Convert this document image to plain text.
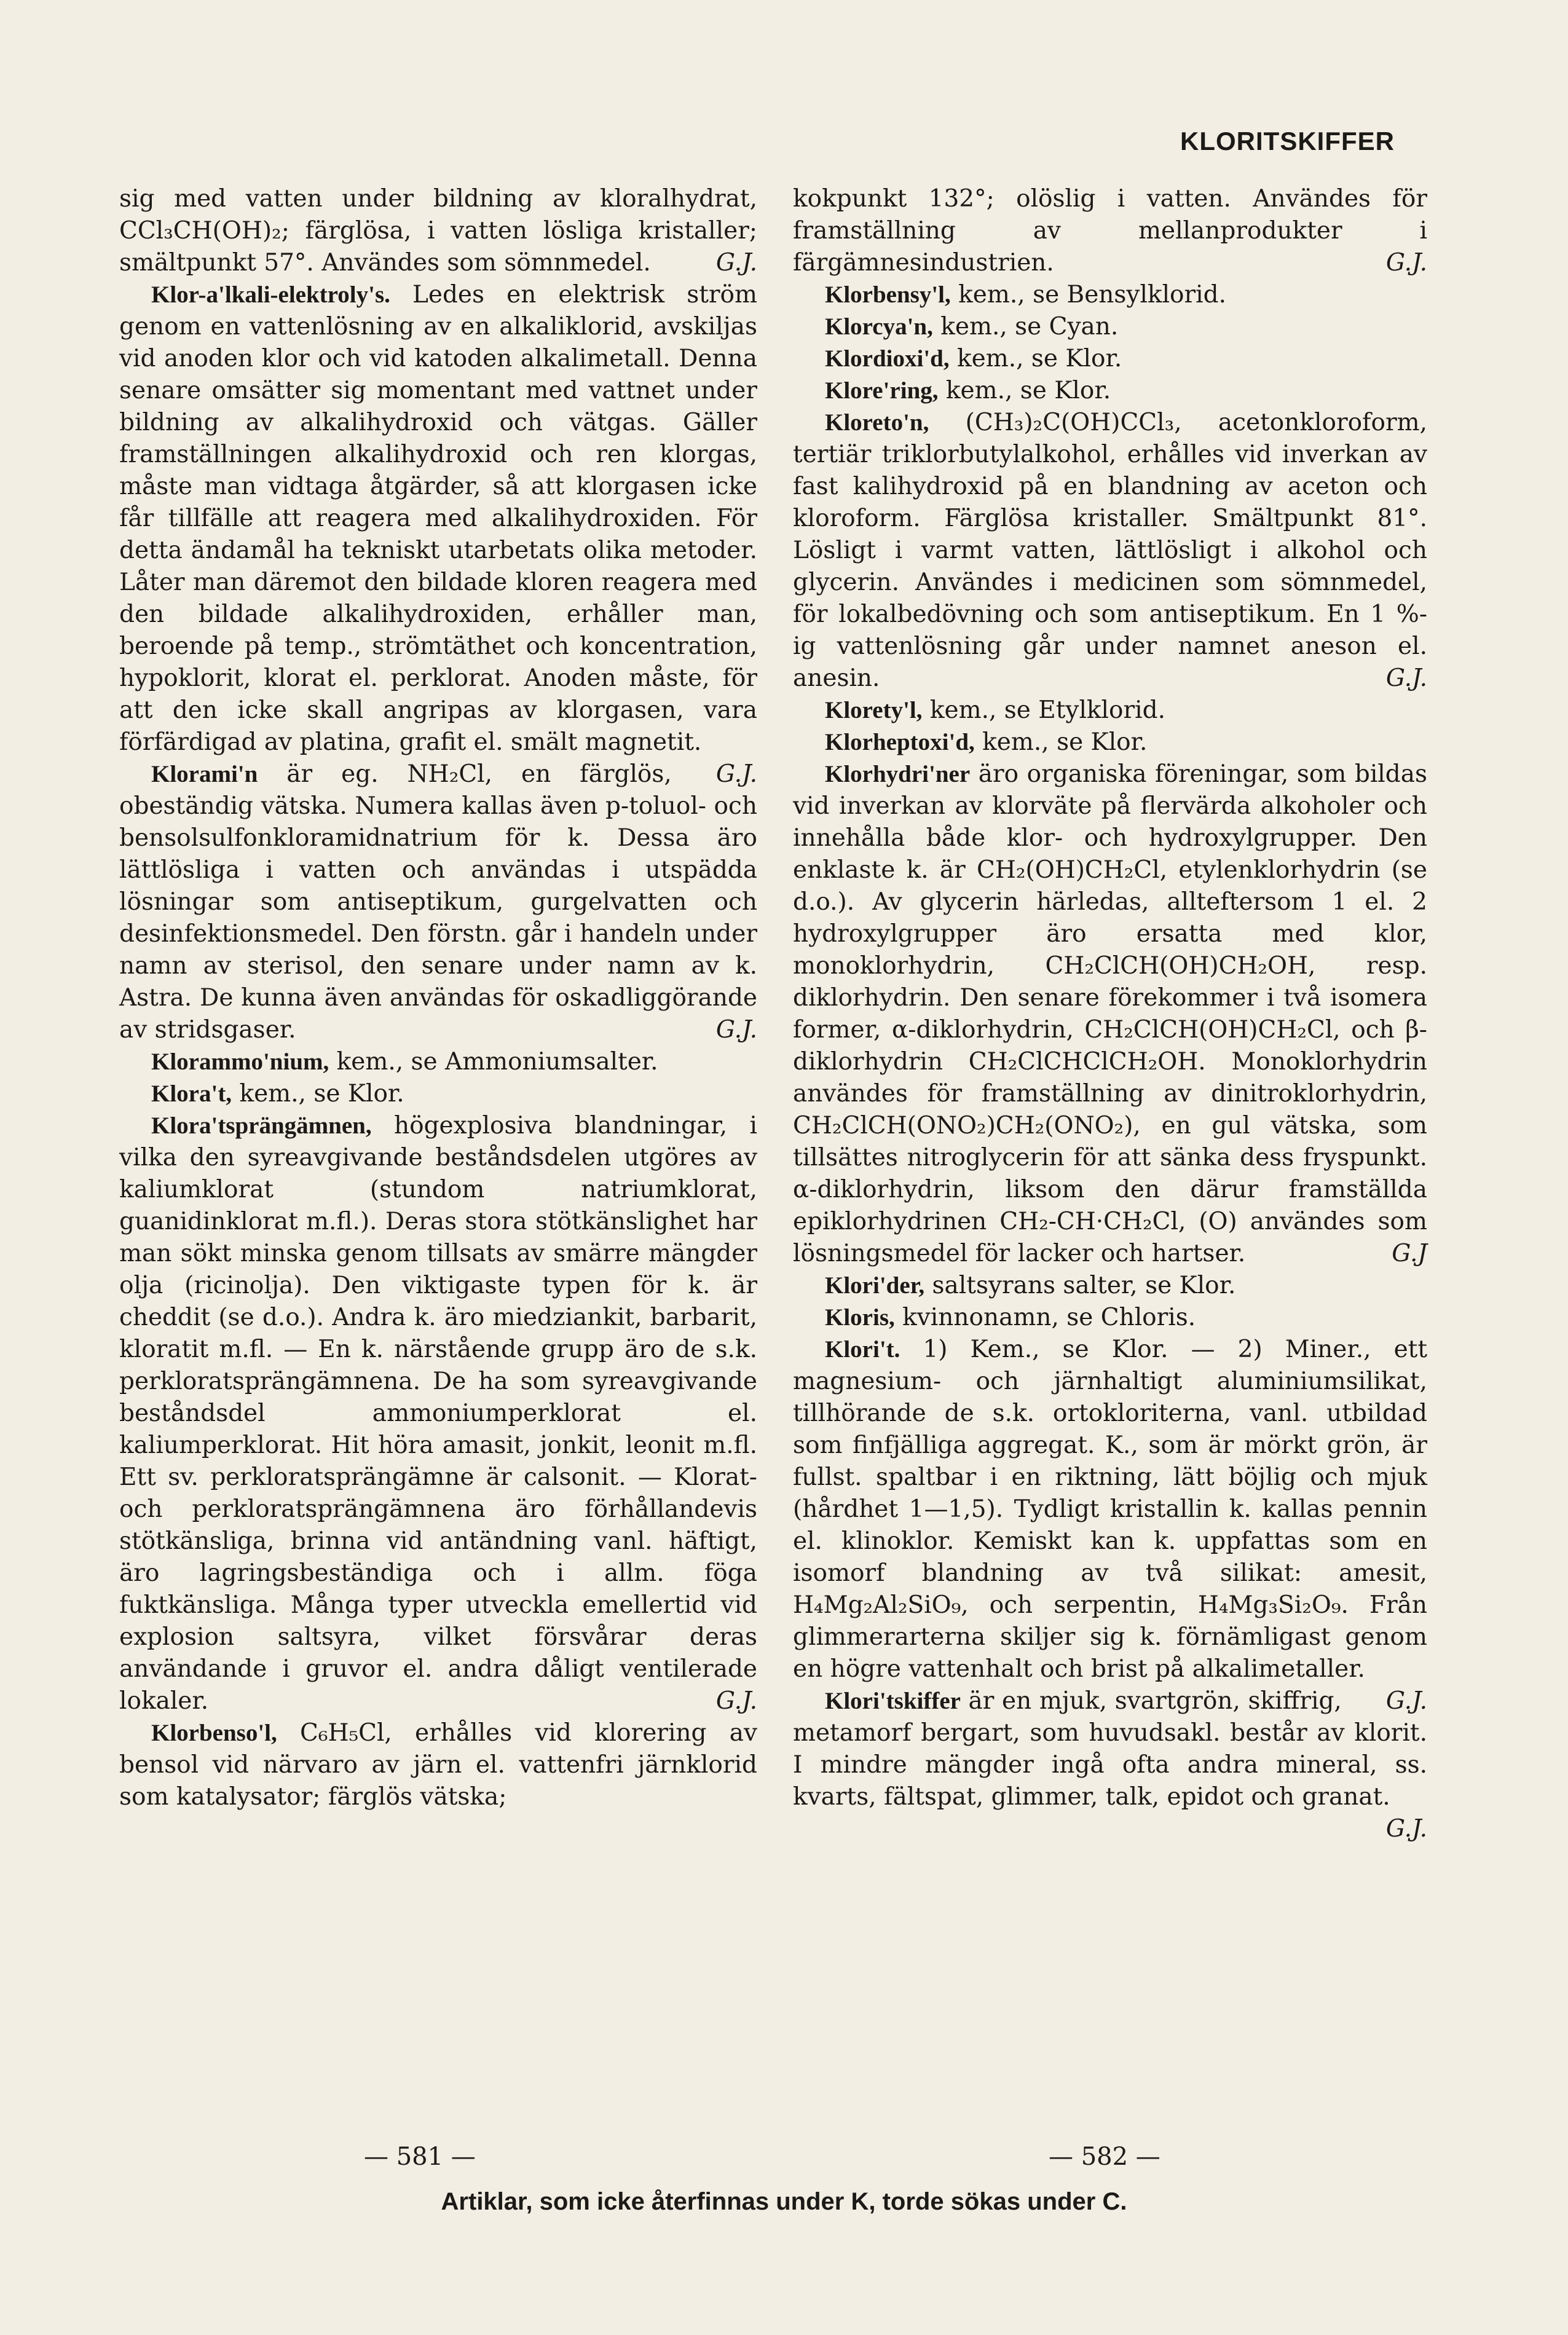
KLORITSKIFFER

sig med vatten under bildning av kloralhydrat, CCl₃CH(OH)₂; färglösa, i vatten lösliga kristaller; smältpunkt 57°. Användes som sömnmedel.	G.J.

Klor-a'lkali-elektroly's. Ledes en elektrisk ström genom en vattenlösning av en alkaliklorid, avskiljas vid anoden klor och vid katoden alkalimetall. Denna senare omsätter sig momentant med vattnet under bildning av alkalihydroxid och vätgas. Gäller framställningen alkalihydroxid och ren klorgas, måste man vidtaga åtgärder, så att klorgasen icke får tillfälle att reagera med alkalihydroxiden. För detta ändamål ha tekniskt utarbetats olika metoder. Låter man däremot den bildade kloren reagera med den bildade alkalihydroxiden, erhåller man, beroende på temp., strömtäthet och koncentration, hypoklorit, klorat el. perklorat. Anoden måste, för att den icke skall angripas av klorgasen, vara förfärdigad av platina, grafit el. smält magnetit.
G.J.

Klorami'n är eg. NH₂Cl, en färglös, obeständig vätska. Numera kallas även p-toluol- och bensolsulfonkloramidnatrium för k. Dessa äro lättlösliga i vatten och användas i utspädda lösningar som antiseptikum, gurgelvatten och desinfektionsmedel. Den förstn. går i handeln under namn av sterisol, den senare under namn av k. Astra. De kunna även användas för oskadliggörande av stridsgaser.	G.J.

Klorammo'nium, kem., se Ammoniumsalter.

Klora't, kem., se Klor.

Klora'tsprängämnen, högexplosiva blandningar, i vilka den syreavgivande beståndsdelen utgöres av kaliumklorat (stundom natriumklorat, guanidinklorat m.fl.). Deras stora stötkänslighet har man sökt minska genom tillsats av smärre mängder olja (ricinolja). Den viktigaste typen för k. är cheddit (se d.o.). Andra k. äro miedziankit, barbarit, kloratit m.fl. — En k. närstående grupp äro de s.k. perkloratsprängämnena. De ha som syreavgivande beståndsdel ammoniumperklorat el. kaliumperklorat. Hit höra amasit, jonkit, leonit m.fl. Ett sv. perkloratsprängämne är calsonit. — Klorat- och perkloratsprängämnena äro förhållandevis stötkänsliga, brinna vid antändning vanl. häftigt, äro lagringsbeständiga och i allm. föga fuktkänsliga. Många typer utveckla emellertid vid explosion saltsyra, vilket försvårar deras användande i gruvor el. andra dåligt ventilerade lokaler.	G.J.

Klorbenso'l, C₆H₅Cl, erhålles vid klorering av bensol vid närvaro av järn el. vattenfri järnklorid som katalysator; färglös vätska;

kokpunkt 132°; olöslig i vatten. Användes för framställning av mellanprodukter i färgämnesindustrien.	G.J.

Klorbensy'l, kem., se Bensylklorid.

Klorcya'n, kem., se Cyan.

Klordioxi'd, kem., se Klor.

Klore'ring, kem., se Klor.

Kloreto'n, (CH₃)₂C(OH)CCl₃, acetonkloroform, tertiär triklorbutylalkohol, erhålles vid inverkan av fast kalihydroxid på en blandning av aceton och kloroform. Färglösa kristaller. Smältpunkt 81°. Lösligt i varmt vatten, lättlösligt i alkohol och glycerin. Användes i medicinen som sömnmedel, för lokalbedövning och som antiseptikum. En 1 %-ig vattenlösning går under namnet aneson el. anesin.	G.J.

Klorety'l, kem., se Etylklorid.

Klorheptoxi'd, kem., se Klor.

Klorhydri'ner äro organiska föreningar, som bildas vid inverkan av klorväte på flervärda alkoholer och innehålla både klor- och hydroxylgrupper. Den enklaste k. är CH₂(OH)CH₂Cl, etylenklorhydrin (se d.o.). Av glycerin härledas, allteftersom 1 el. 2 hydroxylgrupper äro ersatta med klor, monoklorhydrin, CH₂ClCH(OH)CH₂OH, resp. diklorhydrin. Den senare förekommer i två isomera former, α-diklorhydrin, CH₂ClCH(OH)CH₂Cl, och β-diklorhydrin CH₂ClCHClCH₂OH. Monoklorhydrin användes för framställning av dinitroklorhydrin, CH₂ClCH(ONO₂)CH₂(ONO₂), en gul vätska, som tillsättes nitroglycerin för att sänka dess fryspunkt. α-diklorhydrin, liksom den därur framställda epiklorhydrinen CH₂-CH·CH₂Cl, (O) användes som lösningsmedel för lacker och hartser.	G.J

Klori'der, saltsyrans salter, se Klor.

Kloris, kvinnonamn, se Chloris.

Klori't. 1) Kem., se Klor. — 2) Miner., ett magnesium- och järnhaltigt aluminiumsilikat, tillhörande de s.k. ortokloriterna, vanl. utbildad som finfjälliga aggregat. K., som är mörkt grön, är fullst. spaltbar i en riktning, lätt böjlig och mjuk (hårdhet 1—1,5). Tydligt kristallin k. kallas pennin el. klinoklor. Kemiskt kan k. uppfattas som en isomorf blandning av två silikat: amesit, H₄Mg₂Al₂SiO₉, och serpentin, H₄Mg₃Si₂O₉. Från glimmerarterna skiljer sig k. förnämligast genom en högre vattenhalt och brist på alkalimetaller.
G.J.

Klori'tskiffer är en mjuk, svartgrön, skiffrig, metamorf bergart, som huvudsakl. består av klorit. I mindre mängder ingå ofta andra mineral, ss. kvarts, fältspat, glimmer, talk, epidot och granat.
G.J.

— 581 —	— 582 —
Artiklar, som icke återfinnas under K, torde sökas under C.
